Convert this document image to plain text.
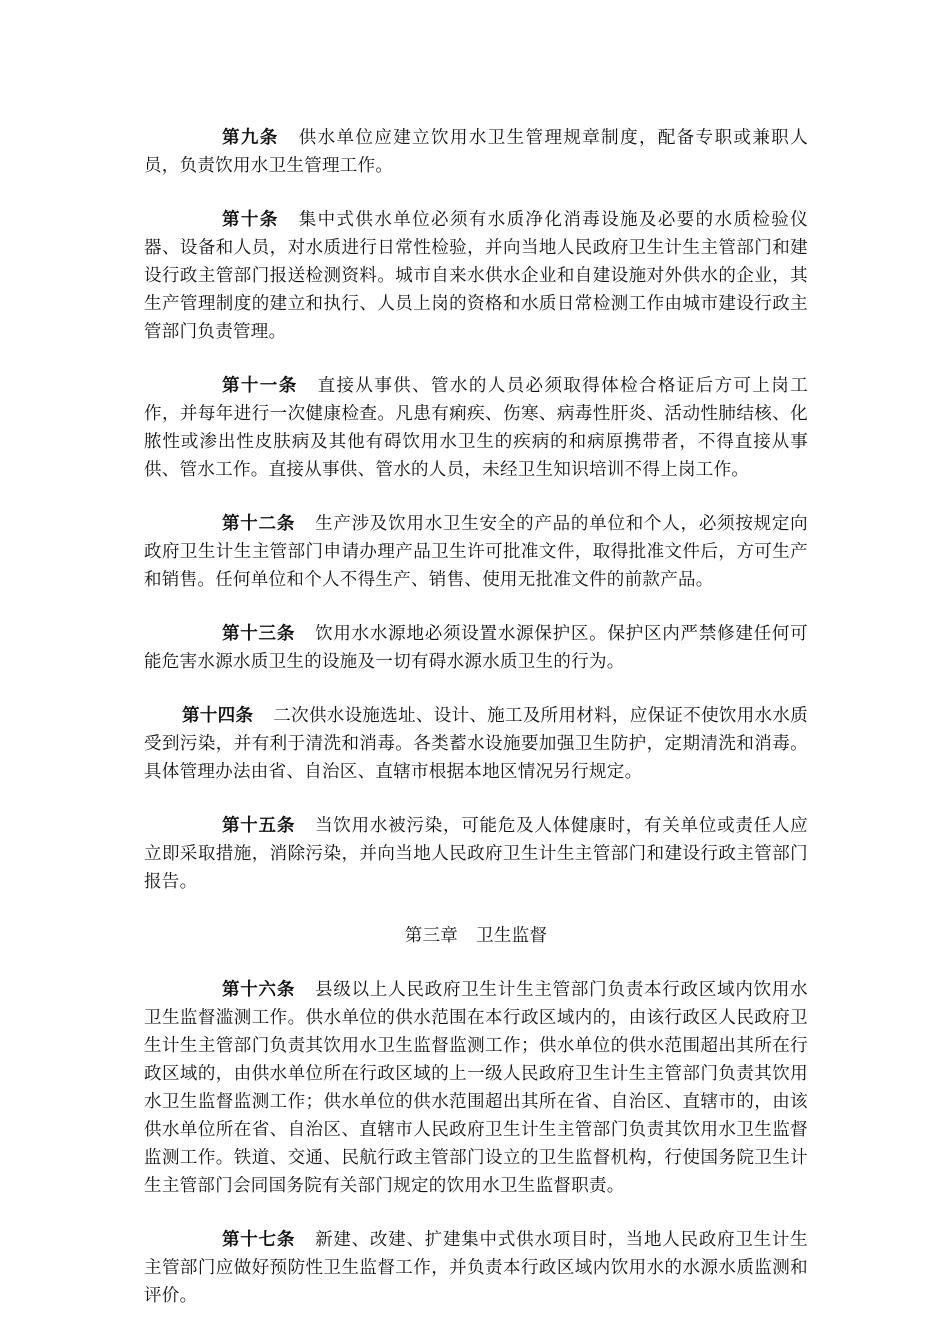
第九条 供水单位应建立饮用水卫生管理规章制度，配备专职或兼职人员，负责饮用水卫生管理工作。

第十条 集中式供水单位必须有水质净化消毒设施及必要的水质检验仪器、设备和人员，对水质进行日常性检验，并向当地人民政府卫生计生主管部门和建设行政主管部门报送检测资料。城市自来水供水企业和自建设施对外供水的企业，其生产管理制度的建立和执行、人员上岗的资格和水质日常检测工作由城市建设行政主管部门负责管理。

第十一条 直接从事供、管水的人员必须取得体检合格证后方可上岗工作，并每年进行一次健康检查。凡患有痢疾、伤寒、病毒性肝炎、活动性肺结核、化脓性或渗出性皮肤病及其他有碍饮用水卫生的疾病的和病原携带者，不得直接从事供、管水工作。直接从事供、管水的人员，未经卫生知识培训不得上岗工作。

第十二条 生产涉及饮用水卫生安全的产品的单位和个人，必须按规定向政府卫生计生主管部门申请办理产品卫生许可批准文件，取得批准文件后，方可生产和销售。任何单位和个人不得生产、销售、使用无批准文件的前款产品。

第十三条 饮用水水源地必须设置水源保护区。保护区内严禁修建任何可能危害水源水质卫生的设施及一切有碍水源水质卫生的行为。

第十四条 二次供水设施选址、设计、施工及所用材料，应保证不使饮用水水质受到污染，并有利于清洗和消毒。各类蓄水设施要加强卫生防护，定期清洗和消毒。具体管理办法由省、自治区、直辖市根据本地区情况另行规定。

第十五条 当饮用水被污染，可能危及人体健康时，有关单位或责任人应立即采取措施，消除污染，并向当地人民政府卫生计生主管部门和建设行政主管部门报告。

第三章 卫生监督

第十六条 县级以上人民政府卫生计生主管部门负责本行政区域内饮用水卫生监督滥测工作。供水单位的供水范围在本行政区域内的，由该行政区人民政府卫生计生主管部门负责其饮用水卫生监督监测工作；供水单位的供水范围超出其所在行政区域的，由供水单位所在行政区域的上一级人民政府卫生计生主管部门负责其饮用水卫生监督监测工作；供水单位的供水范围超出其所在省、自治区、直辖市的，由该供水单位所在省、自治区、直辖市人民政府卫生计生主管部门负责其饮用水卫生监督监测工作。铁道、交通、民航行政主管部门设立的卫生监督机构，行使国务院卫生计生主管部门会同国务院有关部门规定的饮用水卫生监督职责。

第十七条 新建、改建、扩建集中式供水项目时，当地人民政府卫生计生主管部门应做好预防性卫生监督工作，并负责本行政区域内饮用水的水源水质监测和评价。
